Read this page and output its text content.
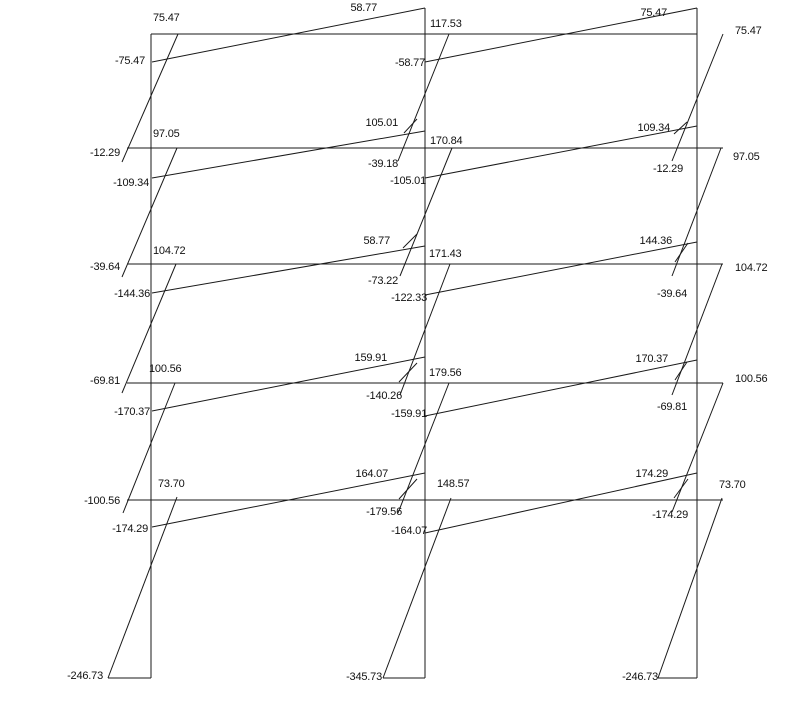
75.47
-75.47
97.05
-12.29
-109.34
104.72
-39.64
-144.36
100.56
-69.81
-170.37
73.70
-100.56
-174.29
-246.73
58.77
117.53
-58.77
105.01
170.84
-39.18
-105.01
58.77
171.43
-73.22
-122.33
159.91
179.56
-140.26
-159.91
164.07
148.57
-179.56
-164.07
-345.73
75.47
75.47
109.34
97.05
-12.29
144.36
104.72
-39.64
170.37
100.56
-69.81
174.29
73.70
-174.29
-246.73
